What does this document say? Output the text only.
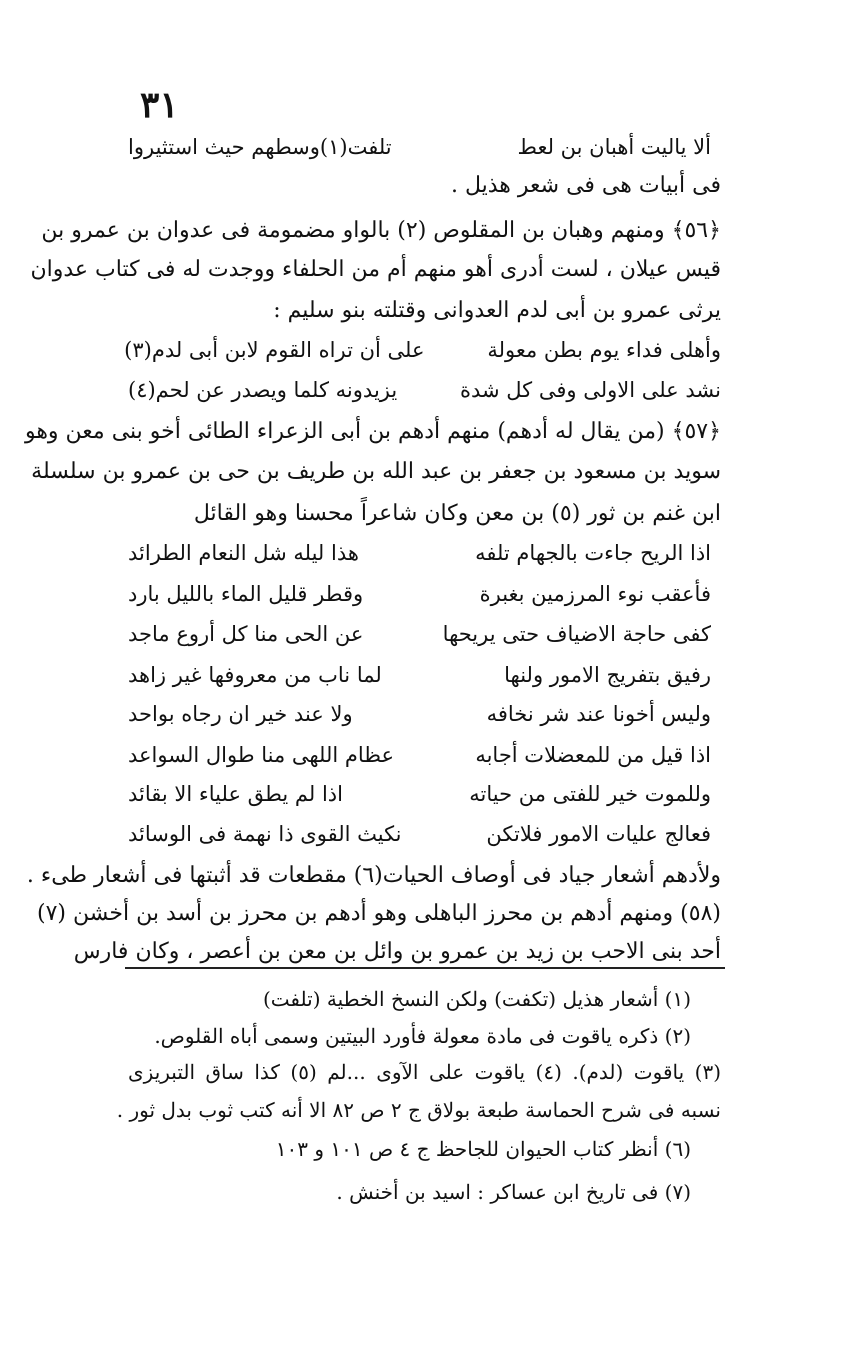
٣١
ألا ياليت أهبان بن لعط
تلفت(١)وسطهم حيث استثيروا
فى أبيات هى فى شعر هذيل .
﴿٥٦﴾ ومنهم وهبان بن المقلوص (٢) بالواو مضمومة فى عدوان بن عمرو بن
قيس عيلان ، لست أدرى أهو منهم أم من الحلفاء ووجدت له فى كتاب عدوان
يرثى عمرو بن أبى لدم العدوانى وقتلته بنو سليم :
وأهلى فداء يوم بطن معولة
على أن تراه القوم لابن أبى لدم(٣)
نشد على الاولى وفى كل شدة
يزيدونه كلما ويصدر عن لحم(٤)
﴿٥٧﴾ (من يقال له أدهم) منهم أدهم بن أبى الزعراء الطائى أخو بنى معن وهو
سويد بن مسعود بن جعفر بن عبد الله بن طريف بن حى بن عمرو بن سلسلة
ابن غنم بن ثور (٥) بن معن وكان شاعراً محسنا وهو القائل
اذا الريح جاءت بالجهام تلفه
هذا ليله شل النعام الطرائد
فأعقب نوء المرزمين بغبرة
وقطر قليل الماء بالليل بارد
كفى حاجة الاضياف حتى يريحها
عن الحى منا كل أروع ماجد
رفيق بتفريج الامور ولنها
لما ناب من معروفها غير زاهد
وليس أخونا عند شر نخافه
ولا عند خير ان رجاه بواحد
اذا قيل من للمعضلات أجابه
عظام اللهى منا طوال السواعد
وللموت خير للفتى من حياته
اذا لم يطق علياء الا بقائد
فعالج عليات الامور فلاتكن
نكيث القوى ذا نهمة فى الوسائد
ولأدهم أشعار جياد فى أوصاف الحيات(٦) مقطعات قد أثبتها فى أشعار طىء .
(٥٨) ومنهم أدهم بن محرز الباهلى وهو أدهم بن محرز بن أسد بن أخشن (٧)
أحد بنى الاحب بن زيد بن عمرو بن وائل بن معن بن أعصر ، وكان فارس
(١) أشعار هذيل (تكفت) ولكن النسخ الخطية (تلفت)
(٢) ذكره ياقوت فى مادة معولة فأورد البيتين وسمى أباه القلوص.
(٣) ياقوت (لدم). (٤) ياقوت على الآوى ...لم (٥) كذا ساق التبريزى
نسبه فى شرح الحماسة طبعة بولاق ج ٢ ص ٨٢ الا أنه كتب ثوب بدل ثور .
(٦) أنظر كتاب الحيوان للجاحظ ج ٤ ص ١٠١ و ١٠٣
(٧) فى تاريخ ابن عساكر : اسيد بن أخنش .
